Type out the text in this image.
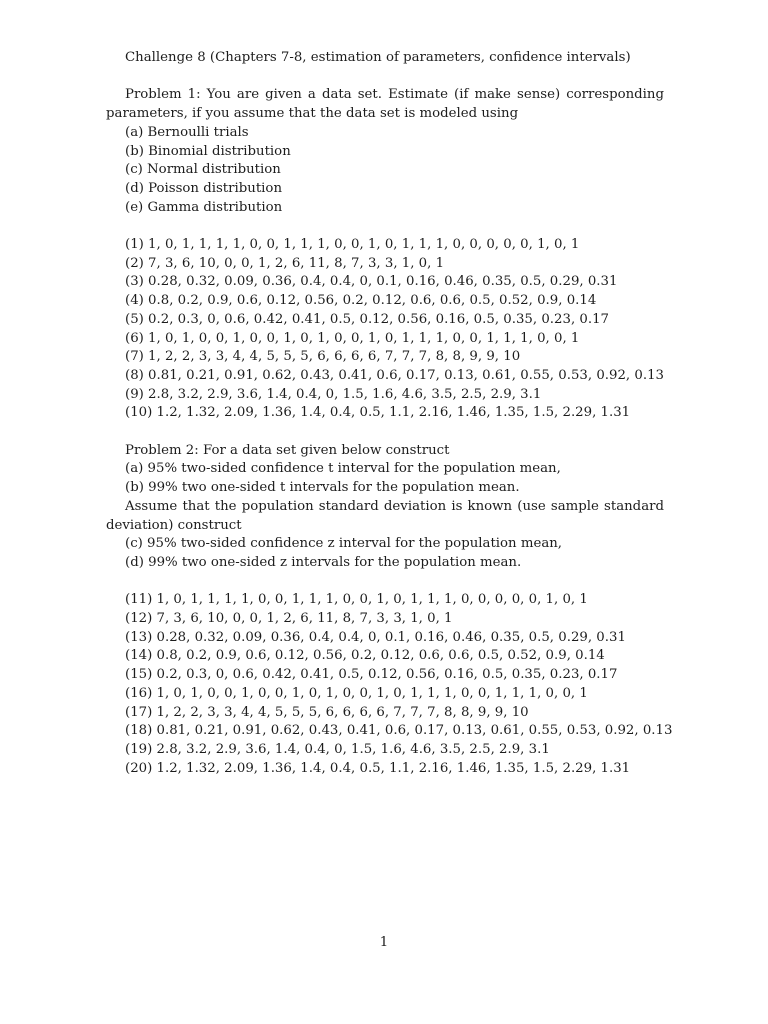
Challenge 8 (Chapters 7-8, estimation of parameters, confidence intervals)
Problem 1: You are given a data set. Estimate (if make sense) corresponding parameters, if you assume that the data set is modeled using
(a) Bernoulli trials
(b) Binomial distribution
(c) Normal distribution
(d) Poisson distribution
(e) Gamma distribution
(1) 1, 0, 1, 1, 1, 1, 0, 0, 1, 1, 1, 0, 0, 1, 0, 1, 1, 1, 0, 0, 0, 0, 0, 1, 0, 1
(2) 7, 3, 6, 10, 0, 0, 1, 2, 6, 11, 8, 7, 3, 3, 1, 0, 1
(3) 0.28, 0.32, 0.09, 0.36, 0.4, 0.4, 0, 0.1, 0.16, 0.46, 0.35, 0.5, 0.29, 0.31
(4) 0.8, 0.2, 0.9, 0.6, 0.12, 0.56, 0.2, 0.12, 0.6, 0.6, 0.5, 0.52, 0.9, 0.14
(5) 0.2, 0.3, 0, 0.6, 0.42, 0.41, 0.5, 0.12, 0.56, 0.16, 0.5, 0.35, 0.23, 0.17
(6) 1, 0, 1, 0, 0, 1, 0, 0, 1, 0, 1, 0, 0, 1, 0, 1, 1, 1, 0, 0, 1, 1, 1, 0, 0, 1
(7) 1, 2, 2, 3, 3, 4, 4, 5, 5, 5, 6, 6, 6, 6, 7, 7, 7, 8, 8, 9, 9, 10
(8) 0.81, 0.21, 0.91, 0.62, 0.43, 0.41, 0.6, 0.17, 0.13, 0.61, 0.55, 0.53, 0.92, 0.13
(9) 2.8, 3.2, 2.9, 3.6, 1.4, 0.4, 0, 1.5, 1.6, 4.6, 3.5, 2.5, 2.9, 3.1
(10) 1.2, 1.32, 2.09, 1.36, 1.4, 0.4, 0.5, 1.1, 2.16, 1.46, 1.35, 1.5, 2.29, 1.31
Problem 2: For a data set given below construct
(a) 95% two-sided confidence t interval for the population mean,
(b) 99% two one-sided t intervals for the population mean.
Assume that the population standard deviation is known (use sample standard deviation) construct
(c) 95% two-sided confidence z interval for the population mean,
(d) 99% two one-sided z intervals for the population mean.
(11) 1, 0, 1, 1, 1, 1, 0, 0, 1, 1, 1, 0, 0, 1, 0, 1, 1, 1, 0, 0, 0, 0, 0, 1, 0, 1
(12) 7, 3, 6, 10, 0, 0, 1, 2, 6, 11, 8, 7, 3, 3, 1, 0, 1
(13) 0.28, 0.32, 0.09, 0.36, 0.4, 0.4, 0, 0.1, 0.16, 0.46, 0.35, 0.5, 0.29, 0.31
(14) 0.8, 0.2, 0.9, 0.6, 0.12, 0.56, 0.2, 0.12, 0.6, 0.6, 0.5, 0.52, 0.9, 0.14
(15) 0.2, 0.3, 0, 0.6, 0.42, 0.41, 0.5, 0.12, 0.56, 0.16, 0.5, 0.35, 0.23, 0.17
(16) 1, 0, 1, 0, 0, 1, 0, 0, 1, 0, 1, 0, 0, 1, 0, 1, 1, 1, 0, 0, 1, 1, 1, 0, 0, 1
(17) 1, 2, 2, 3, 3, 4, 4, 5, 5, 5, 6, 6, 6, 6, 7, 7, 7, 8, 8, 9, 9, 10
(18) 0.81, 0.21, 0.91, 0.62, 0.43, 0.41, 0.6, 0.17, 0.13, 0.61, 0.55, 0.53, 0.92, 0.13
(19) 2.8, 3.2, 2.9, 3.6, 1.4, 0.4, 0, 1.5, 1.6, 4.6, 3.5, 2.5, 2.9, 3.1
(20) 1.2, 1.32, 2.09, 1.36, 1.4, 0.4, 0.5, 1.1, 2.16, 1.46, 1.35, 1.5, 2.29, 1.31
1
